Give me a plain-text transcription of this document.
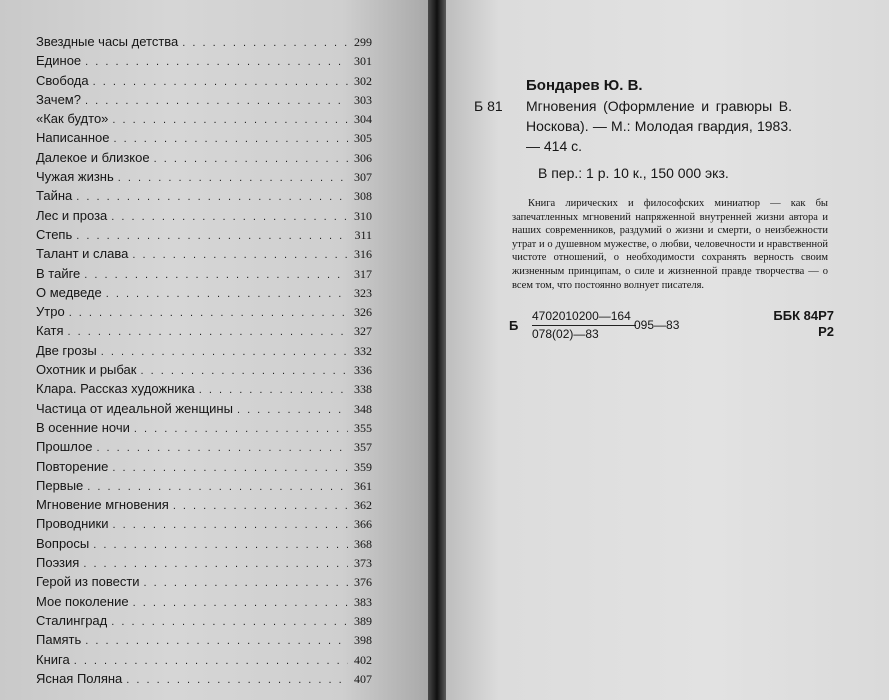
Звездные часы детства . . .	299
Единое . . .	301
Свобода . . .	302
Зачем? . . .	303
«Как будто» . . .	304
Написанное . . .	305
Далекое и близкое . . .	306
Чужая жизнь . . .	307
Тайна . . .	308
Лес и проза . . .	310
Степь . . .	311
Талант и слава . . .	316
В тайге . . .	317
О медведе . . .	323
Утро . . .	326
Катя . . .	327
Две грозы . . .	332
Охотник и рыбак . . .	336
Клара. Рассказ художника . . .	338
Частица от идеальной женщины . . .	348
В осенние ночи . . .	355
Прошлое . . .	357
Повторение . . .	359
Первые . . .	361
Мгновение мгновения . . .	362
Проводники . . .	366
Вопросы . . .	368
Поэзия . . .	373
Герой из повести . . .	376
Мое поколение . . .	383
Сталинград . . .	389
Память . . .	398
Книга . . .	402
Ясная Поляна . . .	407
Бондарев Ю. В.
Б 81	Мгновения (Оформление и гравюры В. Носкова). — М.: Молодая гвардия, 1983. — 414 с.
В пер.: 1 р. 10 к., 150 000 экз.
Книга лирических и философских миниатюр — как бы запечатленных мгновений напряженной внутренней жизни автора и наших современников, раздумий о жизни и смерти, о неизбежности утрат и о душевном мужестве, о любви, человечности и нравственной чистоте отношений, о необходимости сохранять верность своим жизненным принципам, о силе и жизненной правде творчества — о всем том, что постоянно волнует писателя.
Б $\frac{4702010200—164}{078(02)—83}$
095—83
ББК 84Р7
Р2
